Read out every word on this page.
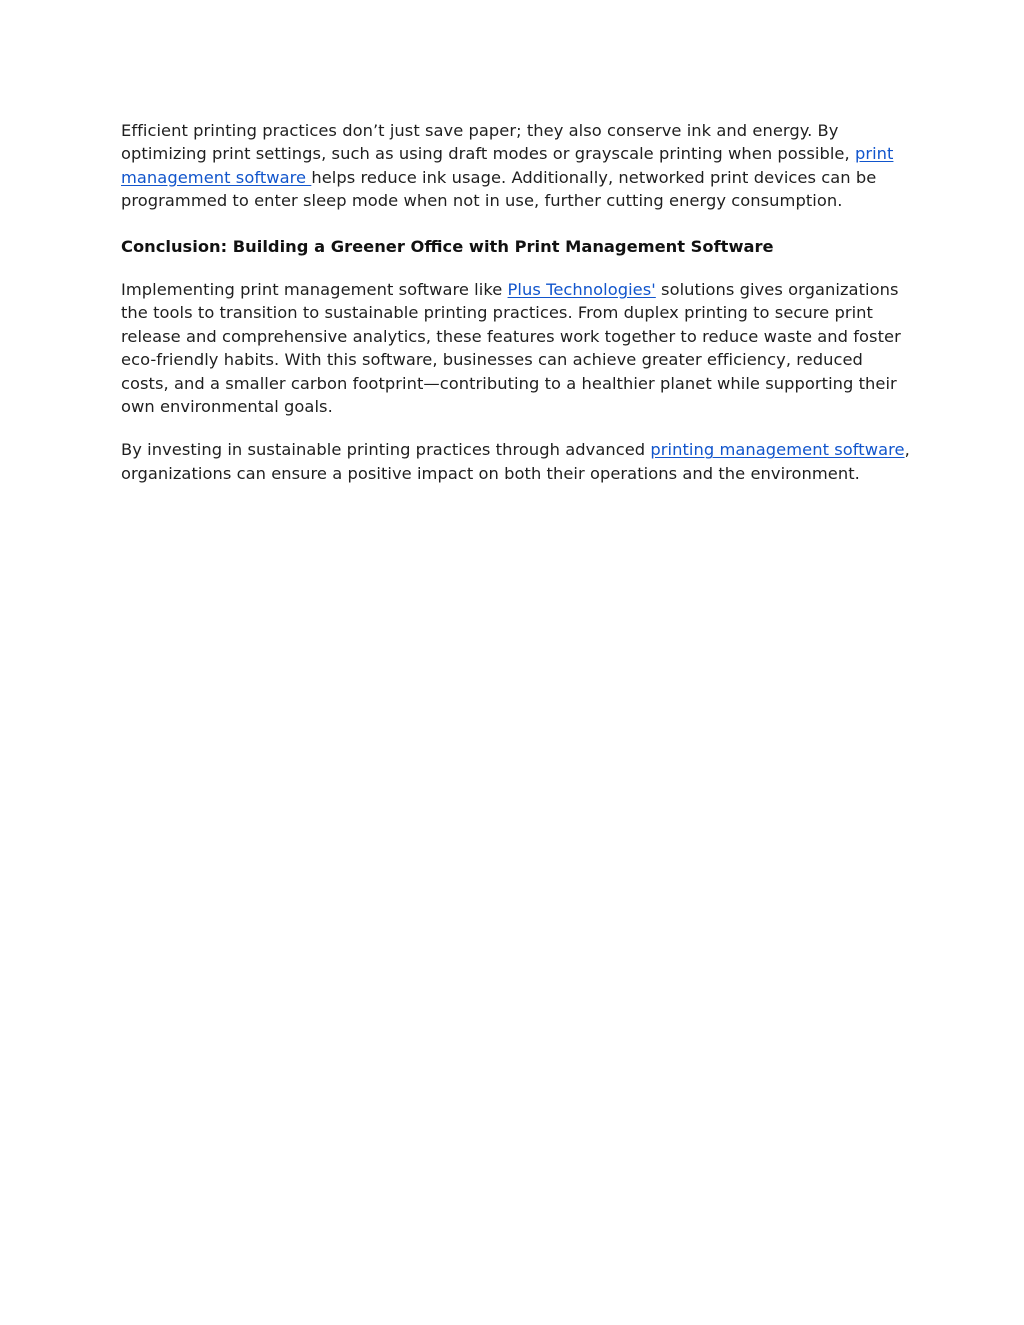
Efficient printing practices don’t just save paper; they also conserve ink and energy. By optimizing print settings, such as using draft modes or grayscale printing when possible, print management software helps reduce ink usage. Additionally, networked print devices can be programmed to enter sleep mode when not in use, further cutting energy consumption.

Conclusion: Building a Greener Office with Print Management Software

Implementing print management software like Plus Technologies' solutions gives organizations the tools to transition to sustainable printing practices. From duplex printing to secure print release and comprehensive analytics, these features work together to reduce waste and foster eco-friendly habits. With this software, businesses can achieve greater efficiency, reduced costs, and a smaller carbon footprint—contributing to a healthier planet while supporting their own environmental goals.

By investing in sustainable printing practices through advanced printing management software, organizations can ensure a positive impact on both their operations and the environment.
